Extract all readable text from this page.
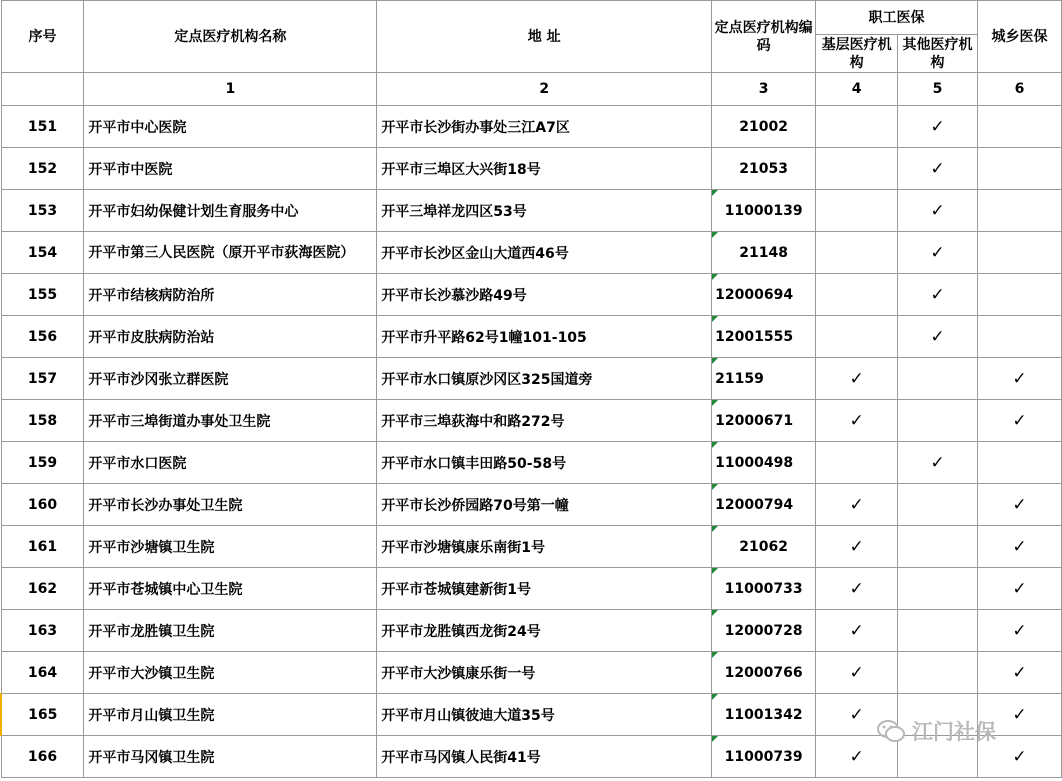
序号	定点医疗机构名称	地 址	定点医疗机构编码	职工医保		城乡医保
				基层医疗机构	其他医疗机构	
	1	2	3	4	5	6
151	开平市中心医院	开平市长沙街办事处三江A7区	21002		✓	
152	开平市中医院	开平市三埠区大兴街18号	21053		✓	
153	开平市妇幼保健计划生育服务中心	开平三埠祥龙四区53号	11000139		✓	
154	开平市第三人民医院（原开平市荻海医院）	开平市长沙区金山大道西46号	21148		✓	
155	开平市结核病防治所	开平市长沙慕沙路49号	12000694		✓	
156	开平市皮肤病防治站	开平市升平路62号1幢101-105	12001555		✓	
157	开平市沙冈张立群医院	开平市水口镇原沙冈区325国道旁	21159	✓		✓
158	开平市三埠街道办事处卫生院	开平市三埠荻海中和路272号	12000671	✓		✓
159	开平市水口医院	开平市水口镇丰田路50-58号	11000498		✓	
160	开平市长沙办事处卫生院	开平市长沙侨园路70号第一幢	12000794	✓		✓
161	开平市沙塘镇卫生院	开平市沙塘镇康乐南街1号	21062	✓		✓
162	开平市苍城镇中心卫生院	开平市苍城镇建新街1号	11000733	✓		✓
163	开平市龙胜镇卫生院	开平市龙胜镇西龙街24号	12000728	✓		✓
164	开平市大沙镇卫生院	开平市大沙镇康乐街一号	12000766	✓		✓
165	开平市月山镇卫生院	开平市月山镇彼迪大道35号	11001342	✓		✓
166	开平市马冈镇卫生院	开平市马冈镇人民街41号	11000739	✓		✓
江门社保
